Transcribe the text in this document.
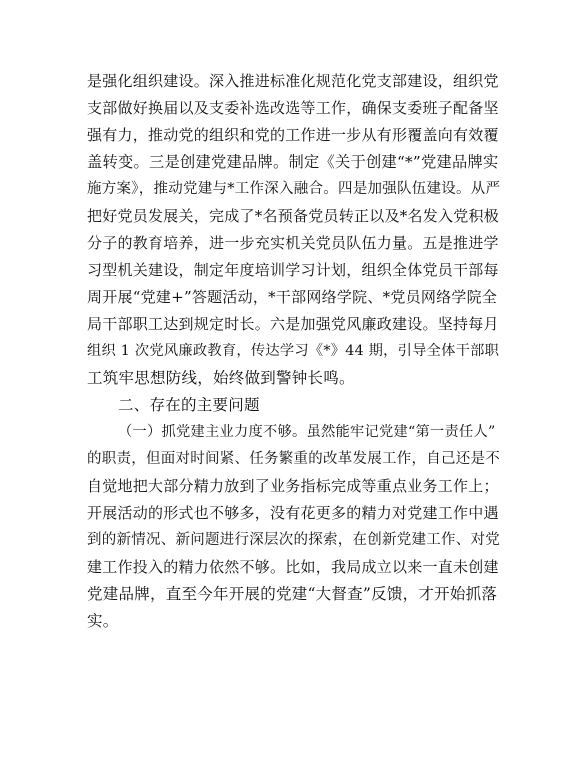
是强化组织建设。深入推进标准化规范化党支部建设，组织党
支部做好换届以及支委补选改选等工作，确保支委班子配备坚
强有力，推动党的组织和党的工作进一步从有形覆盖向有效覆
盖转变。三是创建党建品牌。制定《关于创建“*”党建品牌实
施方案》，推动党建与*工作深入融合。四是加强队伍建设。从严
把好党员发展关，完成了*名预备党员转正以及*名发入党积极
分子的教育培养，进一步充实机关党员队伍力量。五是推进学
习型机关建设，制定年度培训学习计划，组织全体党员干部每
周开展“党建+”答题活动，*干部网络学院、*党员网络学院全
局干部职工达到规定时长。六是加强党风廉政建设。坚持每月
组织 1 次党风廉政教育，传达学习《*》44 期，引导全体干部职
工筑牢思想防线，始终做到警钟长鸣。
二、存在的主要问题
（一）抓党建主业力度不够。虽然能牢记党建“第一责任人”
的职责，但面对时间紧、任务繁重的改革发展工作，自己还是不
自觉地把大部分精力放到了业务指标完成等重点业务工作上；
开展活动的形式也不够多，没有花更多的精力对党建工作中遇
到的新情况、新问题进行深层次的探索，在创新党建工作、对党
建工作投入的精力依然不够。比如，我局成立以来一直未创建
党建品牌，直至今年开展的党建“大督查”反馈，才开始抓落
实。
